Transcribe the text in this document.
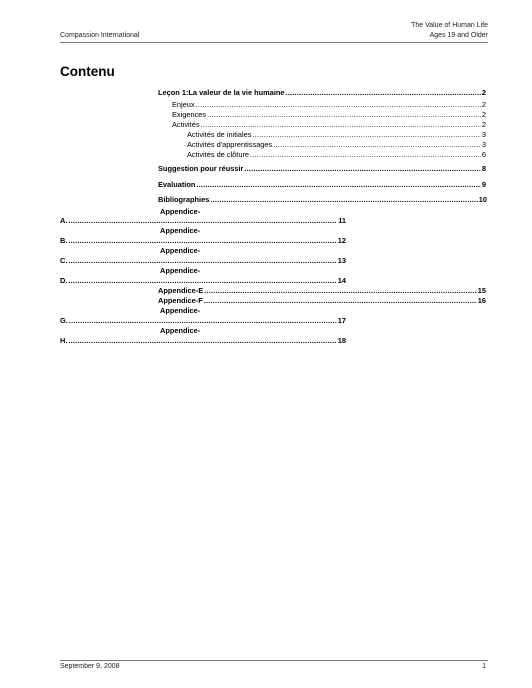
Compassion International
The Value of Human Life
Ages 19 and Older
Contenu
Leçon 1:La valeur de la vie humaine .....	2
Enjeux .....	2
Exigences .....	2
Activités .....	2
Activités de initiales .....	3
Activités d'apprentissages .....	3
Activités de clôture .....	6
Suggestion pour réussir .....	8
Evaluation .....	9
Bibliographies .....	10
Appendice-
A. .....	11
Appendice-
B. .....	12
Appendice-
C. .....	13
Appendice-
D. .....	14
Appendice-E .....	15
Appendice-F .....	16
Appendice-
G. .....	17
Appendice-
H. .....	18
September 9, 2008	1
